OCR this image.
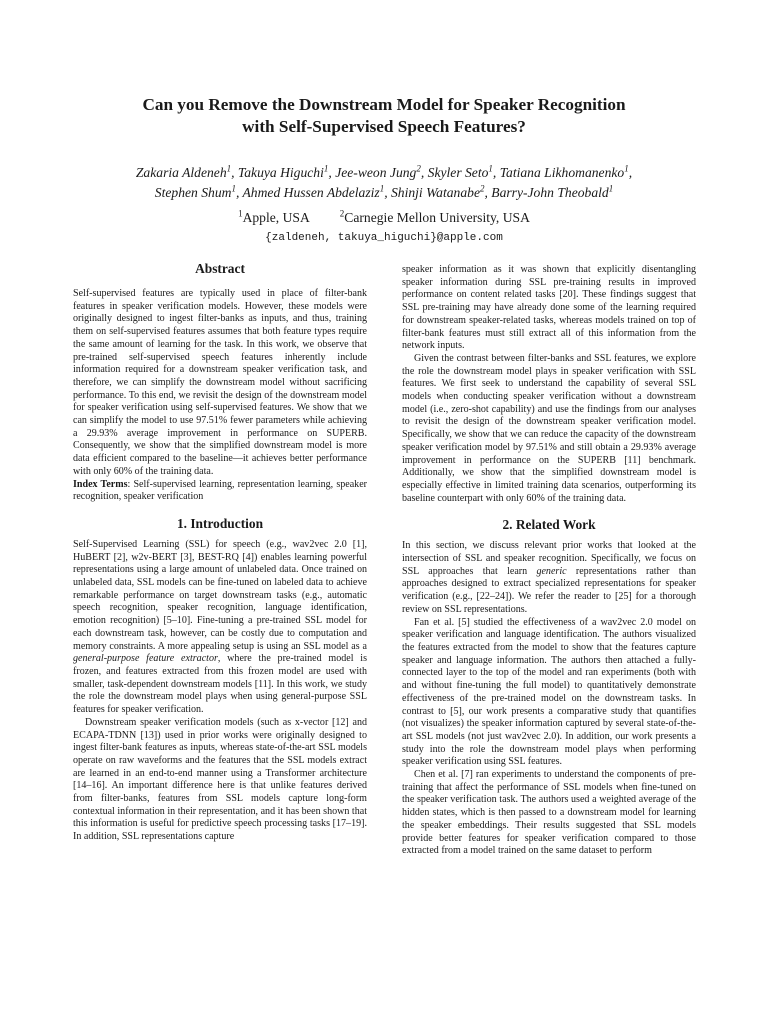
Can you Remove the Downstream Model for Speaker Recognition
with Self-Supervised Speech Features?
Zakaria Aldeneh$^1$, Takuya Higuchi$^1$, Jee-weon Jung$^2$, Skyler Seto$^1$, Tatiana Likhomanenko$^1$,
Stephen Shum$^1$, Ahmed Hussen Abdelaziz$^1$, Shinji Watanabe$^2$, Barry-John Theobald$^1$
$^1$Apple, USA	$^2$Carnegie Mellon University, USA
{zaldeneh, takuya_higuchi}@apple.com
Abstract

Self-supervised features are typically used in place of filter-bank features in speaker verification models. However, these models were originally designed to ingest filter-banks as inputs, and thus, training them on self-supervised features assumes that both feature types require the same amount of learning for the task. In this work, we observe that pre-trained self-supervised speech features inherently include information required for a downstream speaker verification task, and therefore, we can simplify the downstream model without sacrificing performance. To this end, we revisit the design of the downstream model for speaker verification using self-supervised features. We show that we can simplify the model to use 97.51% fewer parameters while achieving a 29.93% average improvement in performance on SUPERB. Consequently, we show that the simplified downstream model is more data efficient compared to the baseline—it achieves better performance with only 60% of the training data.

Index Terms: Self-supervised learning, representation learning, speaker recognition, speaker verification

1. Introduction

Self-Supervised Learning (SSL) for speech (e.g., wav2vec 2.0 [1], HuBERT [2], w2v-BERT [3], BEST-RQ [4]) enables learning powerful representations using a large amount of unlabeled data. Once trained on unlabeled data, SSL models can be fine-tuned on labeled data to achieve remarkable performance on target downstream tasks (e.g., automatic speech recognition, speaker recognition, language identification, emotion recognition) [5–10]. Fine-tuning a pre-trained SSL model for each downstream task, however, can be costly due to computation and memory constraints. A more appealing setup is using an SSL model as a general-purpose feature extractor, where the pre-trained model is frozen, and features extracted from this frozen model are used with smaller, task-dependent downstream models [11]. In this work, we study the role the downstream model plays when using general-purpose SSL features for speaker verification.

Downstream speaker verification models (such as x-vector [12] and ECAPA-TDNN [13]) used in prior works were originally designed to ingest filter-bank features as inputs, whereas state-of-the-art SSL models operate on raw waveforms and the features that the SSL models extract are learned in an end-to-end manner using a Transformer architecture [14–16]. An important difference here is that unlike features derived from filter-banks, features from SSL models capture long-form contextual information in their representation, and it has been shown that this information is useful for predictive speech processing tasks [17–19]. In addition, SSL representations capture

speaker information as it was shown that explicitly disentangling speaker information during SSL pre-training results in improved performance on content related tasks [20]. These findings suggest that SSL pre-training may have already done some of the learning required for downstream speaker-related tasks, whereas models trained on top of filter-bank features must still extract all of this information from the network inputs.

Given the contrast between filter-banks and SSL features, we explore the role the downstream model plays in speaker verification with SSL features. We first seek to understand the capability of several SSL models when conducting speaker verification without a downstream model (i.e., zero-shot capability) and use the findings from our analyses to revisit the design of the downstream speaker verification model. Specifically, we show that we can reduce the capacity of the downstream speaker verification model by 97.51% and still obtain a 29.93% average improvement in performance on the SUPERB [11] benchmark. Additionally, we show that the simplified downstream model is especially effective in limited training data scenarios, outperforming its baseline counterpart with only 60% of the training data.

2. Related Work

In this section, we discuss relevant prior works that looked at the intersection of SSL and speaker recognition. Specifically, we focus on SSL approaches that learn generic representations rather than approaches designed to extract specialized representations for speaker verification (e.g., [22–24]). We refer the reader to [25] for a thorough review on SSL representations.

Fan et al. [5] studied the effectiveness of a wav2vec 2.0 model on speaker verification and language identification. The authors visualized the features extracted from the model to show that the features capture speaker and language information. The authors then attached a fully-connected layer to the top of the model and ran experiments (both with and without fine-tuning the full model) to quantitatively demonstrate effectiveness of the pre-trained model on the downstream tasks. In contrast to [5], our work presents a comparative study that quantifies (not visualizes) the speaker information captured by several state-of-the-art SSL models (not just wav2vec 2.0). In addition, our work presents a study into the role the downstream model plays when performing speaker verification using SSL features.

Chen et al. [7] ran experiments to understand the components of pre-training that affect the performance of SSL models when fine-tuned on the speaker verification task. The authors used a weighted average of the hidden states, which is then passed to a downstream model for learning the speaker embeddings. Their results suggested that SSL models provide better features for speaker verification compared to those extracted from a model trained on the same dataset to perform
